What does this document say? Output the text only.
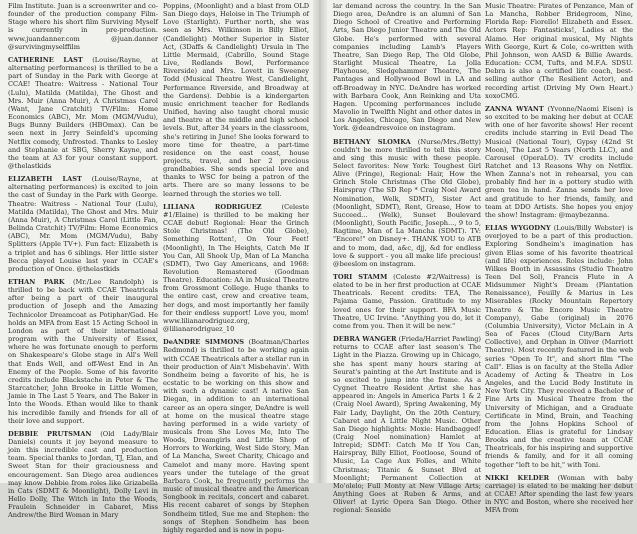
Film Institute. Juan is a screenwriter and co-founder of the production company Film-Stage where his short film Surviving Myself is currently in pre-production. www.juandanner.com @juan.danner @survivingmyselffilm

CATHERINE LAST (Louise/Rayne, at alternating performances) is thrilled to be a part of Sunday in the Park with George at CCAE! Theatre: Waitress - National Tour (Lulu), Matilda (Matilda), The Ghost and Mrs. Muir (Anna Muir), A Christmas Carol (Want, Jane Cratchit) TV/Film: Home Economics (ABC), Mr. Mom (MGM/Vudu), Bugs Bunny Builders (HBOmax). Can be seen next in Jerry Seinfeld's upcoming Netflix comedy, Unfrosted. Thanks to Lesley and Stephanie at SBG, Sherry Kayne, and the team at A3 for your constant support. @thelastkids

ELIZABETH LAST (Louise/Rayne, at alternating performances) is excited to join the cast of Sunday in the Park with George. Theatre: Waitress - National Tour (Lulu), Matilda (Matilda), The Ghost and Mrs. Muir (Anna Muir), A Christmas Carol (Little Fan, Belinda Cratchit) TV/Film: Home Economics (ABC), Mr. Mom (MGM/Vudu), Baby Splitters (Apple TV+). Fun fact: Elizabeth is a triplet and has 6 siblings. Her little sister Becca played Louise last year in CCAE's production of Once. @thelastkids

ETHAN PARK (Mr./Lee Randolph) is thrilled to be back with CCAE Theatricals after being a part of their inaugural production of Joseph and the Amazing Technicolor Dreamcoat as Potiphar/Gad. He holds an MFA from East 15 Acting School in London as part of their international program with the University of Essex, where he was fortunate enough to perform on Shakespeare's Globe stage in All's Well that Ends Well, and off-West End in An Enemy of the People. Some of his favorite credits include Blackstache in Peter & The Starcatcher, John Brooke in Little Women, Jamie in The Last 5 Years, and The Baker in Into the Woods. Ethan would like to thank his incredible family and friends for all of their love and support.

DEBBIE PRUTSMAN (Old Lady/Blair Daniels) counts it joy beyond measure to join this incredible cast and production team. Special thanks to Jordan, TJ, Elan, and Sweet Stan for their graciousness and encouragement. San Diego area audiences may know Debbie from roles like Grizabella in Cats (SDMT & Moonlight), Dolly Levi in Hello Dolly, The Witch in Into the Woods, Fraulein Schneider in Cabaret, Miss Andrew/the Bird Woman in Mary

Poppins, (Moonlight) and a blast from OLD San Diego days, Heloise in The Triumph of Love (Starlight). Further north, she was seen as Mrs. Wilkinson in Billy Elliot, (Candlelight) Mother Superior in Sister Act, (3Daffs & Candlelight) Ursula in The Little Mermaid, (Cabrillo, Sound Stage Live, Redlands Bowl, Performance Riverside) and Mrs. Lovett in Sweeney Todd (Musical Theatre West, Candlelight, Performance Riverside, and Broadway at the Gardens). Debbie is a kindergarten music enrichment teacher for Redlands Unified, having also taught choral music and theatre at the middle and high school levels. But, after 34 years in the classroom, she's retiring in June! She looks forward to more time for theatre, a part-time residence on the east coast, house projects, travel, and her 2 precious grandbabies. She sends special love and thanks to WSC for being a patron of the arts. There are so many lessons to be learned through the stories we tell.

LILIANA RODRIGUEZ	(Celeste #1/Elaine) is thrilled to be making her CCAE debut! Regional: Hear the Grinch Stole Christmas! (The Old Globe), Something Rotten!, On Your Feet! (Moonlight), In The Heights, Catch Me If You Can, All Shook Up, Man of La Mancha (SDMT), Two Gay Americans, and 1968: Revolution Remastered (Goodman Theatre). Education: AA in Musical Theatre from Grossmont College. Huge thanks to the entire cast, crew and creative team, her dogs, and most importantly her family for their endless support! Love you, mom! www.lilianarodriguez.org, @lilianarodriguez_10

DeANDRE SIMMONS (Boatman/Charles Redmond) is thrilled to be working again with CCAE Theatricals after a stellar run in their production of Ain't Misbehavin'. With Sondheim being a favorite of his, he is ecstatic to be working on this show and with such a dynamic cast! A native San Diegan, in addition to an international career as an opera singer, DeAndre is well at home on the musical theatre stage having performed in a wide variety of musicals from She Loves Me, Into The Woods, Dreamgirls and Little Shop of Horrors to Working, West Side Story, Man of La Mancha, Sweet Charity, Chicago and Camelot and many more. Having spent years under the tutelage of the great Barbara Cook, he frequently performs the music of musical theatre and the American Songbook in recitals, concert and cabaret. His recent cabaret of songs by Stephen Sondheim titled, Sue me and Stephen: the songs of Stephen Sondheim has been highly regarded and is now in popu-

lar demand across the country. In the San Diego area, DeAndre is an alumni of San Diego School of Creative and Performing Arts, San Diego Junior Theatre and The Old Globe. He's performed with several companies including Lamb's Players Theatre, San Diego Rep, The Old Globe, Starlight Musical Theatre, La Jolla Playhouse, Sledgehammer Theatre, The Pantages and Hollywood Bowl in LA and off-Broadway in NYC. DeAndre has worked with Barbara Cook, Ann Reinking and Uta Hagen. Upcoming performances include Mavolio in Twelfth Night and other dates in Los Angeles, Chicago, San Diego and New York. @deandresvoice on instagram.

BETHANY SLOMKA (Nurse/Mrs./Betty) couldn't be more thrilled to tell this story and sing this music with these people. Select favorites: New York: Toughest Girl Alive (Fringe), Regional: Hair, How the Grinch Stole Christmas (The Old Globe), Hairspray (The SD Rep * Craig Noel Award Nomination, Welk, SDMT), Sister Act (Moonlight, SDMT), Rent, Grease, How to Succeed... (Welk), Sunset Boulevard (Moonlight), South Pacific, Joseph..., 9 to 5, Ragtime, Man of La Mancha (SDMT). TV: "Encore!" on Disney+. THANK YOU to ATB and to mom, dad, a&c, djj, &d for endless love & support - you all make life precious! @beeslom on instagram.

TORI STAMM (Celeste #2/Waitress) is elated to be in her first production at CCAE Theatricals. Recent credits: TEA, The Pajama Game, Passion. Gratitude to my loved ones for their support. BFA Music Theatre, UC Irvine. "Anything you do, let it come from you. Then it will be new."

DEBRA WANGER (Frieda/Harriet Pawling) returns to CCAE after last season's The Light in the Piazza. Growing up in Chicago, she has spent many hours staring at Seurat's painting at the Art Institute and is so excited to jump into the frame. As a Cygnet Theatre Resident Artist she has appeared in: Angels in America Parts 1 & 2 (Craig Noel Award), Spring Awakening, My Fair Lady, Daylight, On the 20th Century, Cabaret and A Little Night Music. Other San Diego highlights: Moxie: Handbagged! (Craig Noel nomination) Hamlet at Intrepid; SDMT: Catch Me If You Can, Hairspray, Billy Elliot, Footloose, Sound of Music, La Cage Aux Folles, and White Christmas; Titanic & Sunset Blvd at Moonlight; Permanent Collection at Mo'olelo; Full Monty at New Village Arts; Anything Goes at Ruben & Arms, and Oliver! at Lyric Opera San Diego. Other regional: Seaside

Music Theatre: Pirates of Penzance, Man of La Mancha, Robber Bridegroom, Nine, Florida Rep: Fiorello! Elizabeth and Essex. Actors Rep: Fantasticks!, Ladies at the Alamo. Her original musical, My Nights With George, Kurt & Cole, co-written with Phil Johnson, won AASD & Billie Awards. Education: CCM, Tufts, and M.F.A. SDSU. Debra is also a certified life coach, best-selling author (The Resilient Actor), and recording artist (Driving My Own Heart.) xoxoCMG.

ZANNA WYANT (Yvonne/Naomi Eisen) is so excited to be making her debut at CCAE with one of her favorite shows! Her recent credits include starring in Evil Dead The Musical (National Tour), Gypsy (42nd St Moon), The Last 5 Years (North LLC), and Carousel (OperaLO). TV credits include Ratchet and 13 Reasons Why on Netflix. When Zanna's not in rehearsal, you can probably find her in a pottery studio with green tea in hand. Zanna sends her love and gratitude to her friends, family, and team at DDO Artists. She hopes you enjoy the show! Instagram: @maybezanna.

ELIAS WYGODNY (Louis/Billy Webster) is overjoyed to be a part of this production. Exploring Sondheim's imagination has given Elias some of his favorite theatrical (and life) experiences. Roles include: John Wilkes Booth in Assassins (Studio Theatre Teen Del Sol), Francis Flute in A Midsummer Night's Dream (Plantation Renaissance), Feuilly & Marius in Les Miserables (Rocky Mountain Repertory Theatre & The Encore Music Theatre Company), Gabe (original) in 2076 (Columbia University), Victor McLain in A Sea of Faces (Cloud City/Barn Arts Collective), and Orphan in Oliver (Marriott Theatre). Most recently featured in the web series "Open To It", and short film "The Call". Elias is on faculty at the Stella Adler Academy of Acting & Theatre in Los Angeles, and the Lucid Body Institute in New York City. They received a Bachelor of Fine Arts in Musical Theatre from the University of Michigan, and a Graduate Certificate in Mind, Brain, and Teaching from the Johns Hopkins School of Education. Elias is grateful for Lindsay Brooks and the creative team at CCAE Theatricals, for his inspiring and supportive friends & family, and for it all coming together "left to be hit," with Toni.

NIKKI KELDER (Woman with baby carriage) is elated to be making her debut at CCAE! After spending the last few years in NYC and Boston, where she received her MFA from
